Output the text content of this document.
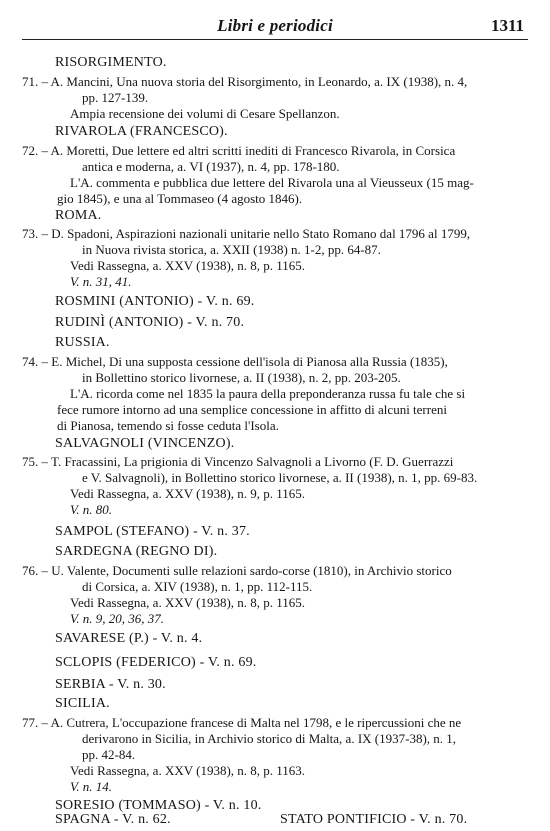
Libri e periodici	1311
RISORGIMENTO.
71. – A. Mancini, Una nuova storia del Risorgimento, in Leonardo, a. IX (1938), n. 4,
pp. 127-139.
Ampia recensione dei volumi di Cesare Spellanzon.
RIVAROLA (FRANCESCO).
72. – A. Moretti, Due lettere ed altri scritti inediti di Francesco Rivarola, in Corsica
antica e moderna, a. VI (1937), n. 4, pp. 178-180.
L'A. commenta e pubblica due lettere del Rivarola una al Vieusseux (15 mag-
gio 1845), e una al Tommaseo (4 agosto 1846).
ROMA.
73. – D. Spadoni, Aspirazioni nazionali unitarie nello Stato Romano dal 1796 al 1799,
in Nuova rivista storica, a. XXII (1938) n. 1-2, pp. 64-87.
Vedi Rassegna, a. XXV (1938), n. 8, p. 1165.
V. n. 31, 41.
ROSMINI (ANTONIO) - V. n. 69.
RUDINÌ (ANTONIO) - V. n. 70.
RUSSIA.
74. – E. Michel, Di una supposta cessione dell'isola di Pianosa alla Russia (1835),
in Bollettino storico livornese, a. II (1938), n. 2, pp. 203-205.
L'A. ricorda come nel 1835 la paura della preponderanza russa fu tale che si
fece rumore intorno ad una semplice concessione in affitto di alcuni terreni
di Pianosa, temendo si fosse ceduta l'Isola.
SALVAGNOLI (VINCENZO).
75. – T. Fracassini, La prigionia di Vincenzo Salvagnoli a Livorno (F. D. Guerrazzi
e V. Salvagnoli), in Bollettino storico livornese, a. II (1938), n. 1, pp. 69-83.
Vedi Rassegna, a. XXV (1938), n. 9, p. 1165.
V. n. 80.
SAMPOL (STEFANO) - V. n. 37.
SARDEGNA (REGNO DI).
76. – U. Valente, Documenti sulle relazioni sardo-corse (1810), in Archivio storico
di Corsica, a. XIV (1938), n. 1, pp. 112-115.
Vedi Rassegna, a. XXV (1938), n. 8, p. 1165.
V. n. 9, 20, 36, 37.
SAVARESE (P.) - V. n. 4.
SCLOPIS (FEDERICO) - V. n. 69.
SERBIA - V. n. 30.
SICILIA.
77. – A. Cutrera, L'occupazione francese di Malta nel 1798, e le ripercussioni che ne
derivarono in Sicilia, in Archivio storico di Malta, a. IX (1937-38), n. 1,
pp. 42-84.
Vedi Rassegna, a. XXV (1938), n. 8, p. 1163.
V. n. 14.
SORESIO (TOMMASO) - V. n. 10.
SPAGNA - V. n. 62.	STATO PONTIFICIO - V. n. 70.
